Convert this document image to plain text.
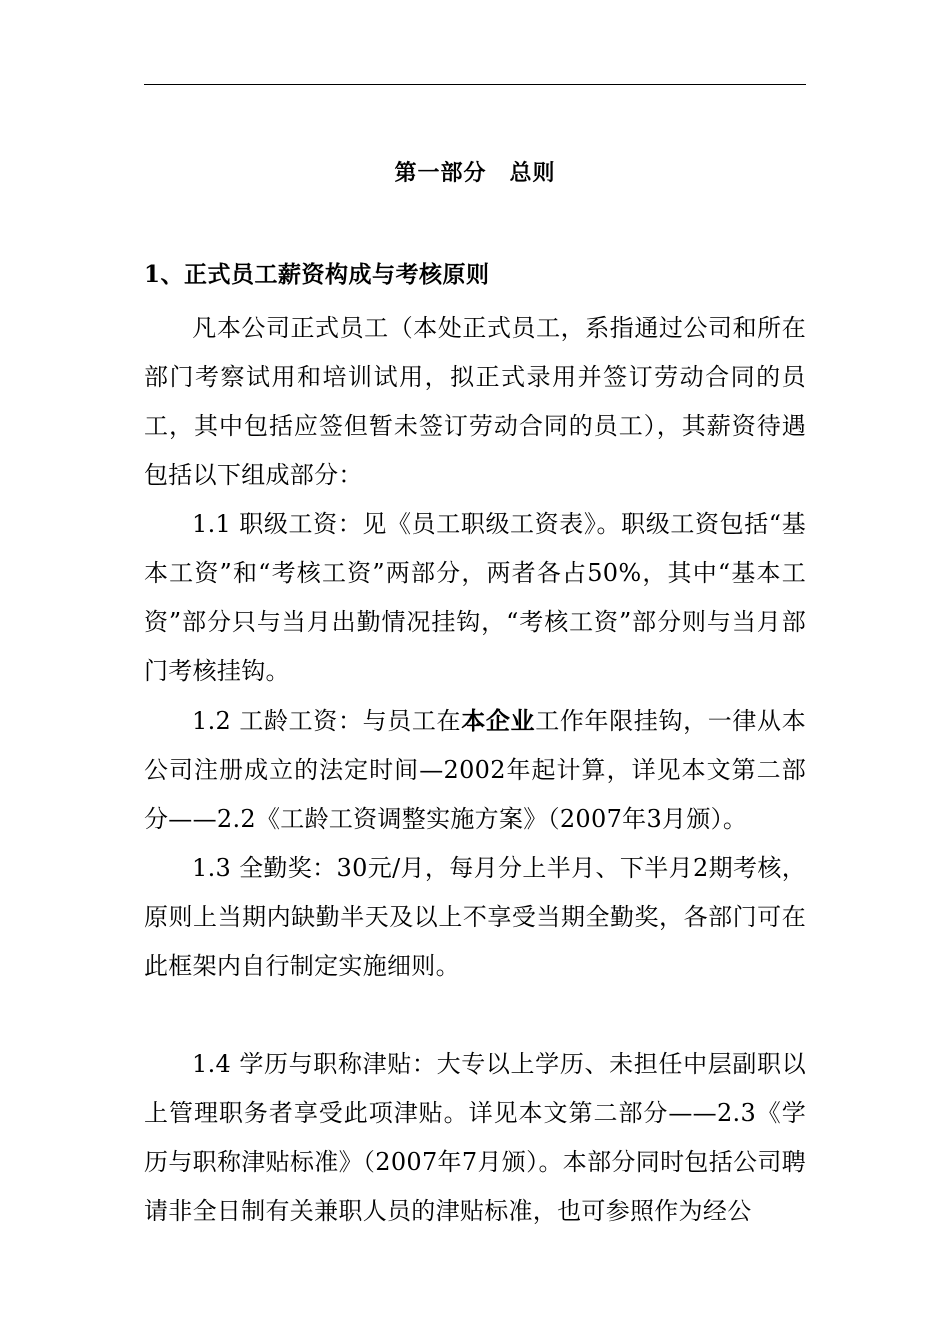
第一部分　总则
1、正式员工薪资构成与考核原则
凡本公司正式员工（本处正式员工，系指通过公司和所在部门考察试用和培训试用，拟正式录用并签订劳动合同的员工，其中包括应签但暂未签订劳动合同的员工），其薪资待遇包括以下组成部分：
1.1 职级工资：见《员工职级工资表》。职级工资包括“基本工资”和“考核工资”两部分，两者各占50%，其中“基本工资”部分只与当月出勤情况挂钩，“考核工资”部分则与当月部门考核挂钩。
1.2 工龄工资：与员工在本企业工作年限挂钩，一律从本公司注册成立的法定时间—2002年起计算，详见本文第二部分——2.2《工龄工资调整实施方案》（2007年3月颁）。
1.3 全勤奖：30元/月，每月分上半月、下半月2期考核，原则上当期内缺勤半天及以上不享受当期全勤奖，各部门可在此框架内自行制定实施细则。
1.4 学历与职称津贴：大专以上学历、未担任中层副职以上管理职务者享受此项津贴。详见本文第二部分——2.3《学历与职称津贴标准》（2007年7月颁）。本部分同时包括公司聘请非全日制有关兼职人员的津贴标准，也可参照作为经公
